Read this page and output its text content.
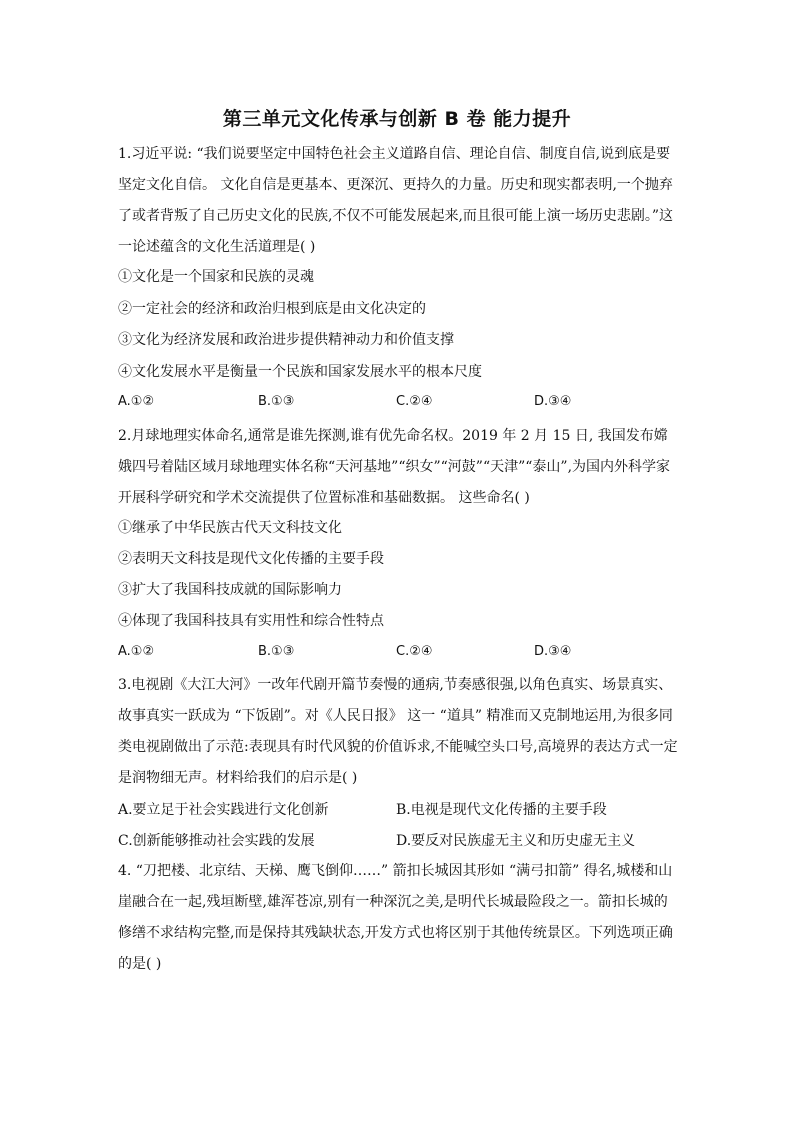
第三单元文化传承与创新 B 卷 能力提升
1.习近平说: “我们说要坚定中国特色社会主义道路自信、理论自信、制度自信,说到底是要坚定文化自信。 文化自信是更基本、更深沉、更持久的力量。历史和现实都表明,一个抛弃了或者背叛了自己历史文化的民族,不仅不可能发展起来,而且很可能上演一场历史悲剧。”这一论述蕴含的文化生活道理是( )
①文化是一个国家和民族的灵魂
②一定社会的经济和政治归根到底是由文化决定的
③文化为经济发展和政治进步提供精神动力和价值支撑
④文化发展水平是衡量一个民族和国家发展水平的根本尺度
A.①②	B.①③	C.②④	D.③④
2.月球地理实体命名,通常是谁先探测,谁有优先命名权。2019 年 2 月 15 日, 我国发布嫦娥四号着陆区域月球地理实体名称“天河基地”“织女”“河鼓”“天津”“泰山”,为国内外科学家开展科学研究和学术交流提供了位置标准和基础数据。 这些命名( )
①继承了中华民族古代天文科技文化
②表明天文科技是现代文化传播的主要手段
③扩大了我国科技成就的国际影响力
④体现了我国科技具有实用性和综合性特点
A.①②	B.①③	C.②④	D.③④
3.电视剧《大江大河》一改年代剧开篇节奏慢的通病,节奏感很强,以角色真实、场景真实、故事真实一跃成为 “下饭剧”。对《人民日报》 这一 “道具” 精准而又克制地运用,为很多同类电视剧做出了示范:表现具有时代风貌的价值诉求,不能喊空头口号,高境界的表达方式一定是润物细无声。材料给我们的启示是( )
A.要立足于社会实践进行文化创新	B.电视是现代文化传播的主要手段
C.创新能够推动社会实践的发展	D.要反对民族虚无主义和历史虚无主义
4. “刀把楼、北京结、天梯、鹰飞倒仰……” 箭扣长城因其形如 “满弓扣箭” 得名,城楼和山崖融合在一起,残垣断壁,雄浑苍凉,别有一种深沉之美,是明代长城最险段之一。箭扣长城的修缮不求结构完整,而是保持其残缺状态,开发方式也将区别于其他传统景区。下列选项正确的是( )
